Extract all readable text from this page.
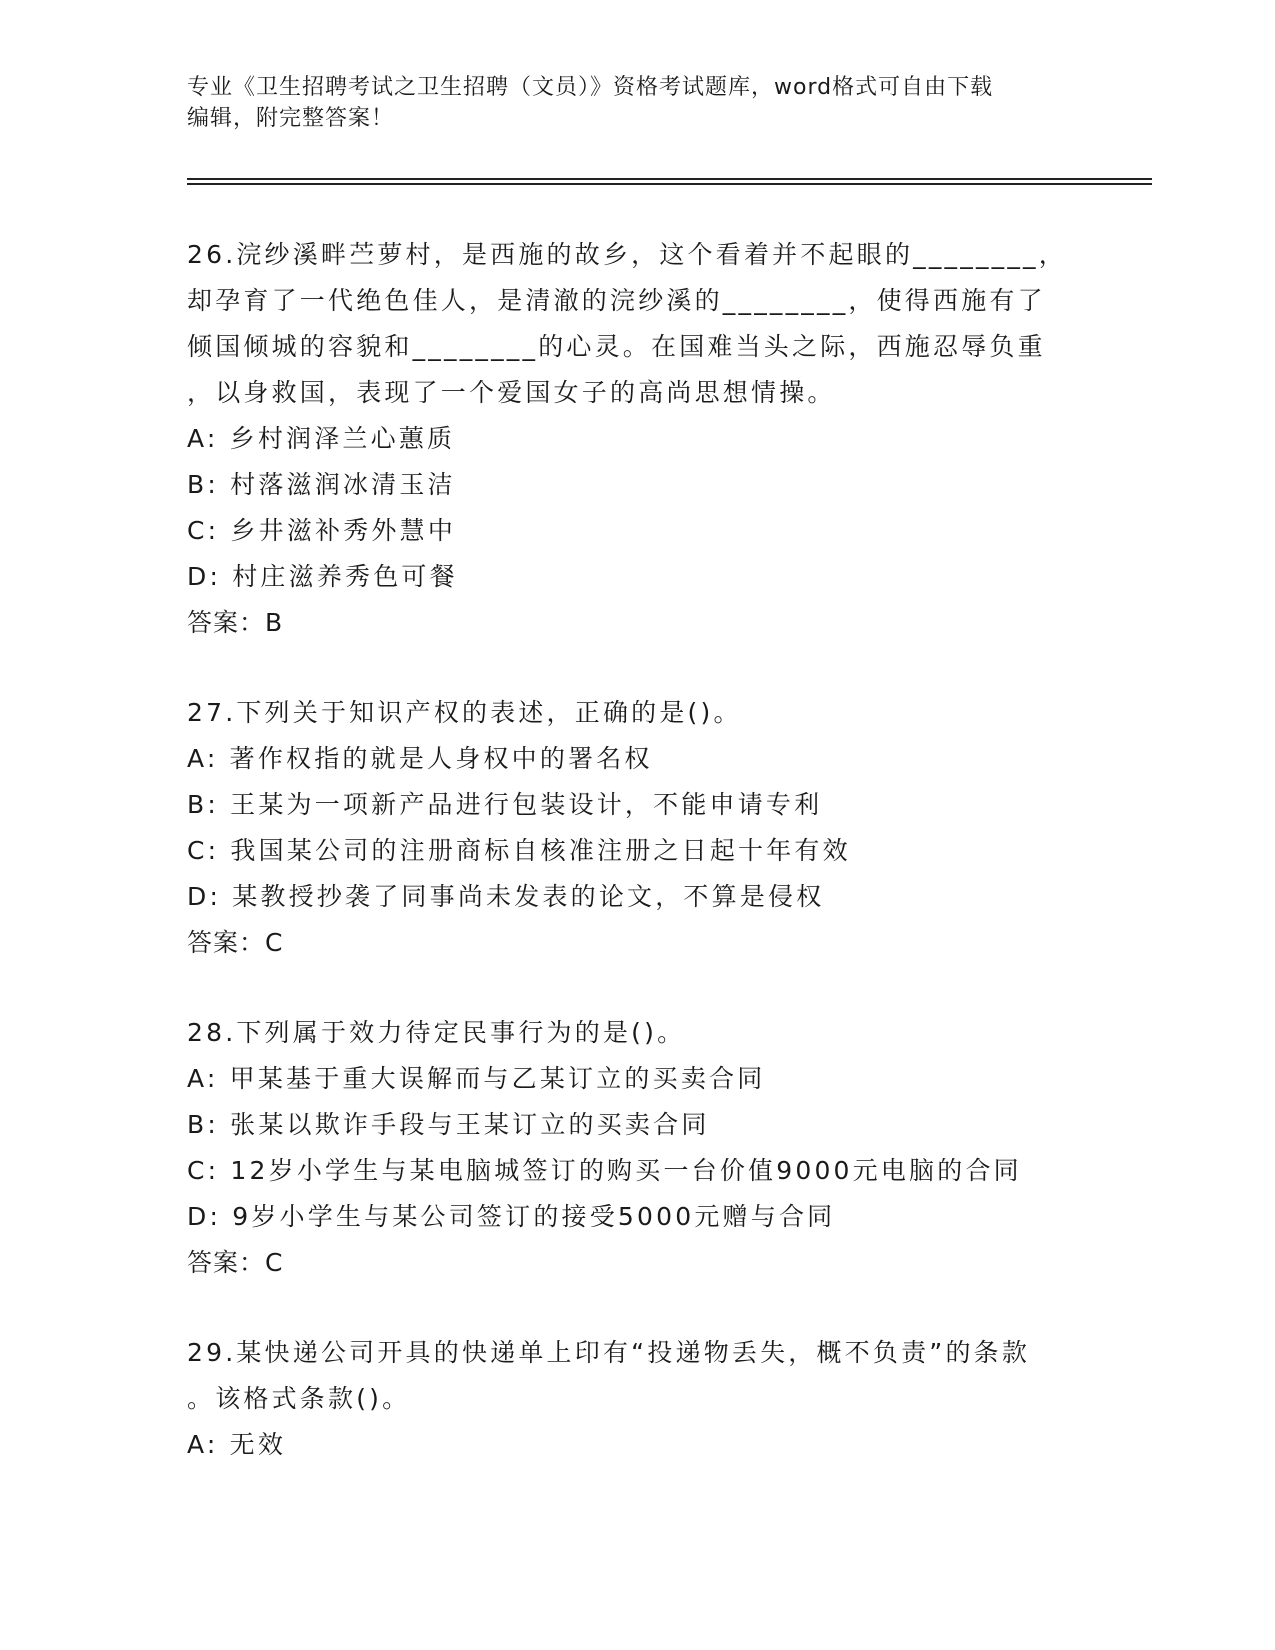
专业《卫生招聘考试之卫生招聘（文员）》资格考试题库，word格式可自由下载
编辑，附完整答案！

26.浣纱溪畔苎萝村，是西施的故乡，这个看着并不起眼的________，

却孕育了一代绝色佳人，是清澈的浣纱溪的________，使得西施有了

倾国倾城的容貌和________的心灵。在国难当头之际，西施忍辱负重

，以身救国，表现了一个爱国女子的高尚思想情操。

A: 乡村润泽兰心蕙质

B: 村落滋润冰清玉洁

C: 乡井滋补秀外慧中

D: 村庄滋养秀色可餐

答案：B

27.下列关于知识产权的表述，正确的是()。

A: 著作权指的就是人身权中的署名权

B: 王某为一项新产品进行包装设计，不能申请专利

C: 我国某公司的注册商标自核准注册之日起十年有效

D: 某教授抄袭了同事尚未发表的论文，不算是侵权

答案：C

28.下列属于效力待定民事行为的是()。

A: 甲某基于重大误解而与乙某订立的买卖合同

B: 张某以欺诈手段与王某订立的买卖合同

C: 12岁小学生与某电脑城签订的购买一台价值9000元电脑的合同

D: 9岁小学生与某公司签订的接受5000元赠与合同

答案：C

29.某快递公司开具的快递单上印有“投递物丢失，概不负责”的条款

。该格式条款()。

A: 无效
